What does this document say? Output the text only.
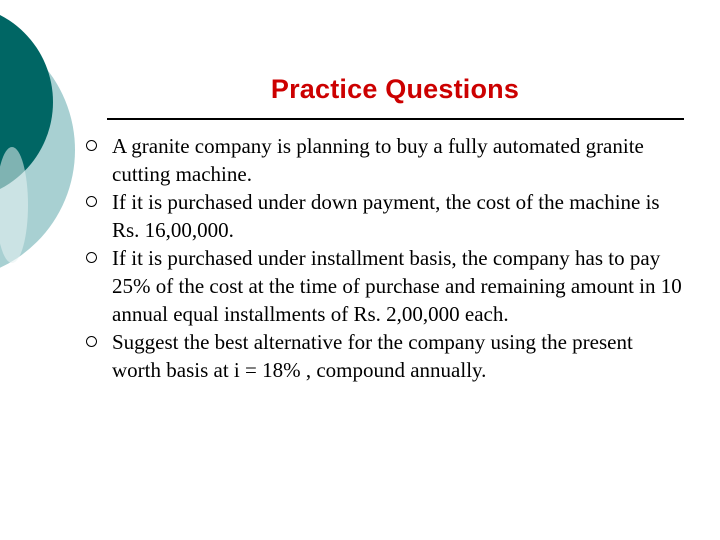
Practice Questions
A granite company is planning to buy a fully automated granite cutting machine.
If it is purchased under down payment, the cost of the machine is Rs. 16,00,000.
If it is purchased under installment basis, the company has to pay 25% of the cost at the time of purchase and remaining amount in 10 annual equal installments of Rs. 2,00,000 each.
Suggest the best alternative for the company using the present worth basis at i = 18% , compound annually.
